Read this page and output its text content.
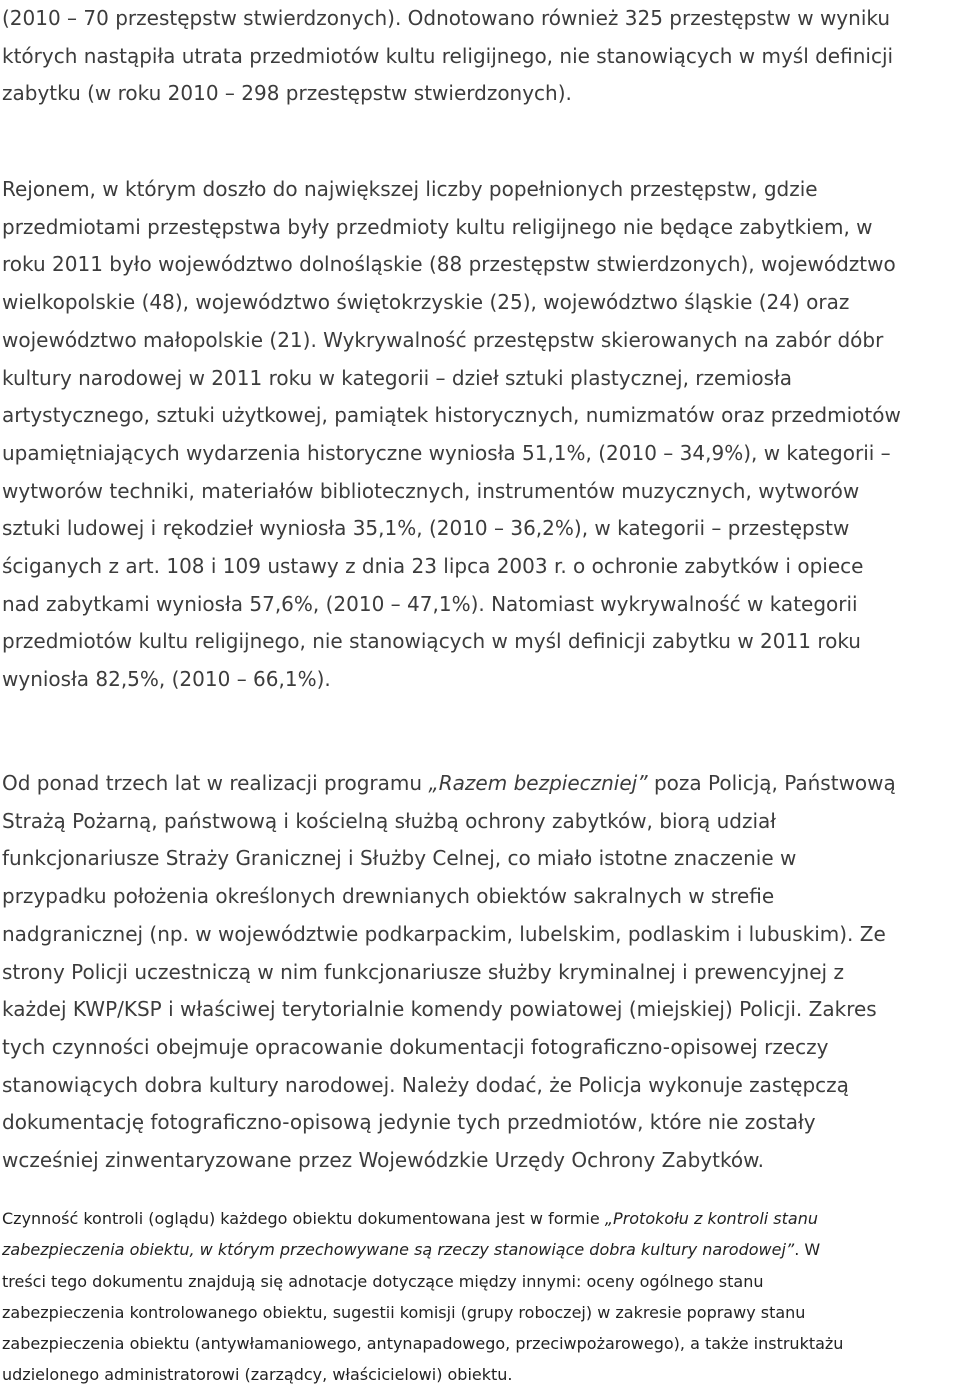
(2010 – 70 przestępstw stwierdzonych). Odnotowano również 325 przestępstw w wyniku
których nastąpiła utrata przedmiotów kultu religijnego, nie stanowiących w myśl definicji
zabytku (w roku 2010 – 298 przestępstw stwierdzonych).

Rejonem, w którym doszło do największej liczby popełnionych przestępstw, gdzie
przedmiotami przestępstwa były przedmioty kultu religijnego nie będące zabytkiem, w
roku 2011 było województwo dolnośląskie (88 przestępstw stwierdzonych), województwo
wielkopolskie (48), województwo świętokrzyskie (25), województwo śląskie (24) oraz
województwo małopolskie (21). Wykrywalność przestępstw skierowanych na zabór dóbr
kultury narodowej w 2011 roku w kategorii – dzieł sztuki plastycznej, rzemiosła
artystycznego, sztuki użytkowej, pamiątek historycznych, numizmatów oraz przedmiotów
upamiętniających wydarzenia historyczne wyniosła 51,1%, (2010 – 34,9%), w kategorii –
wytworów techniki, materiałów bibliotecznych, instrumentów muzycznych, wytworów
sztuki ludowej i rękodzieł wyniosła 35,1%, (2010 – 36,2%), w kategorii – przestępstw
ściganych z art. 108 i 109 ustawy z dnia 23 lipca 2003 r. o ochronie zabytków i opiece
nad zabytkami wyniosła 57,6%, (2010 – 47,1%). Natomiast wykrywalność w kategorii
przedmiotów kultu religijnego, nie stanowiących w myśl definicji zabytku w 2011 roku
wyniosła 82,5%, (2010 – 66,1%).

Od ponad trzech lat w realizacji programu „Razem bezpieczniej” poza Policją, Państwową
Strażą Pożarną, państwową i kościelną służbą ochrony zabytków, biorą udział
funkcjonariusze Straży Granicznej i Służby Celnej, co miało istotne znaczenie w
przypadku położenia określonych drewnianych obiektów sakralnych w strefie
nadgranicznej (np. w województwie podkarpackim, lubelskim, podlaskim i lubuskim). Ze
strony Policji uczestniczą w nim funkcjonariusze służby kryminalnej i prewencyjnej z
każdej KWP/KSP i właściwej terytorialnie komendy powiatowej (miejskiej) Policji. Zakres
tych czynności obejmuje opracowanie dokumentacji fotograficzno-opisowej rzeczy
stanowiących dobra kultury narodowej. Należy dodać, że Policja wykonuje zastępczą
dokumentację fotograficzno-opisową jedynie tych przedmiotów, które nie zostały
wcześniej zinwentaryzowane przez Wojewódzkie Urzędy Ochrony Zabytków.

Czynność kontroli (oglądu) każdego obiektu dokumentowana jest w formie „Protokołu z kontroli stanu
zabezpieczenia obiektu, w którym przechowywane są rzeczy stanowiące dobra kultury narodowej”. W
treści tego dokumentu znajdują się adnotacje dotyczące między innymi: oceny ogólnego stanu
zabezpieczenia kontrolowanego obiektu, sugestii komisji (grupy roboczej) w zakresie poprawy stanu
zabezpieczenia obiektu (antywłamaniowego, antynapadowego, przeciwpożarowego), a także instruktażu
udzielonego administratorowi (zarządcy, właścicielowi) obiektu.
